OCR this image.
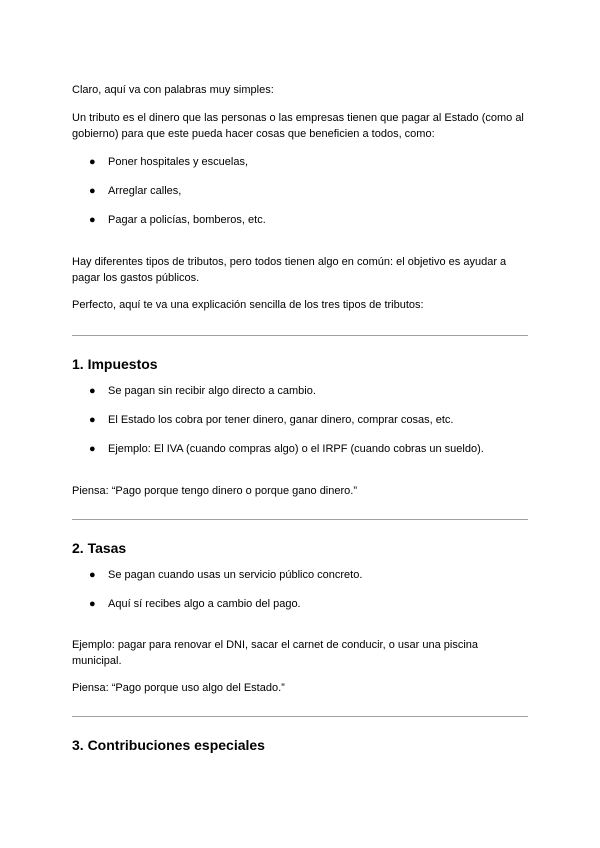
Claro, aquí va con palabras muy simples:

Un tributo es el dinero que las personas o las empresas tienen que pagar al Estado (como al gobierno) para que este pueda hacer cosas que beneficien a todos, como:

● Poner hospitales y escuelas,
● Arreglar calles,
● Pagar a policías, bomberos, etc.

Hay diferentes tipos de tributos, pero todos tienen algo en común: el objetivo es ayudar a pagar los gastos públicos.

Perfecto, aquí te va una explicación sencilla de los tres tipos de tributos:

1. Impuestos
● Se pagan sin recibir algo directo a cambio.
● El Estado los cobra por tener dinero, ganar dinero, comprar cosas, etc.
● Ejemplo: El IVA (cuando compras algo) o el IRPF (cuando cobras un sueldo).

Piensa: “Pago porque tengo dinero o porque gano dinero.”

2. Tasas
● Se pagan cuando usas un servicio público concreto.
● Aquí sí recibes algo a cambio del pago.

Ejemplo: pagar para renovar el DNI, sacar el carnet de conducir, o usar una piscina municipal.

Piensa: “Pago porque uso algo del Estado.”

3. Contribuciones especiales
